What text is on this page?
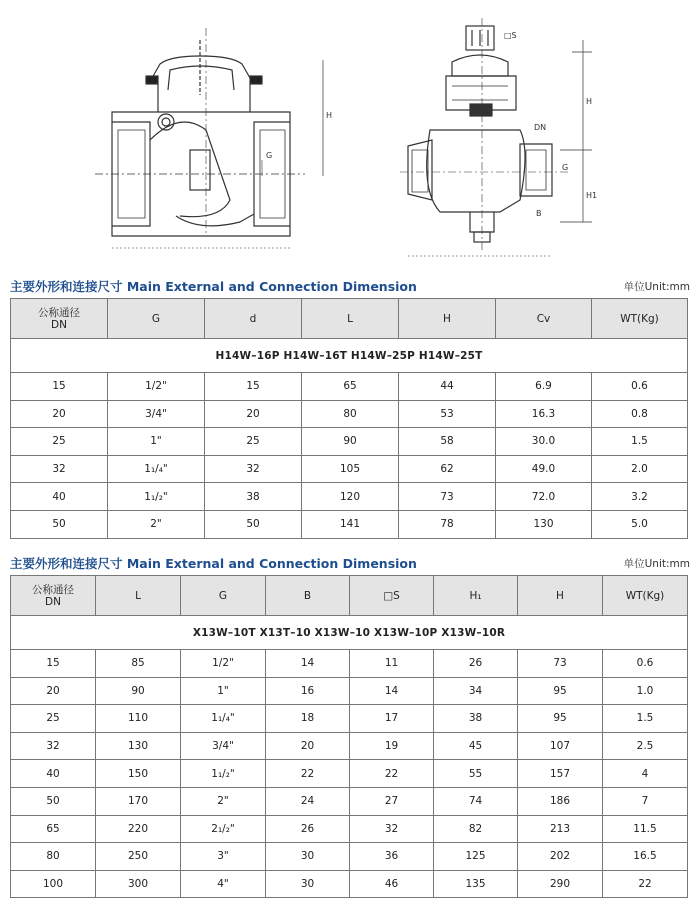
H
G
□S
H
DN
G
H1
B
主要外形和连接尺寸 Main External and Connection Dimension	单位Unit:mm
公称通径
DN	G	d	L	H	Cv	WT(Kg)
H14W–16P H14W–16T H14W–25P H14W–25T						
15	1/2"	15	65	44	6.9	0.6
20	3/4"	20	80	53	16.3	0.8
25	1"	25	90	58	30.0	1.5
32	1₁/₄"	32	105	62	49.0	2.0
40	1₁/₂"	38	120	73	72.0	3.2
50	2"	50	141	78	130	5.0
主要外形和连接尺寸 Main External and Connection Dimension	单位Unit:mm
公称通径
DN	L	G	B	□S	H₁	H	WT(Kg)
X13W–10T X13T–10 X13W–10 X13W–10P X13W–10R							
15	85	1/2"	14	11	26	73	0.6
20	90	1"	16	14	34	95	1.0
25	110	1₁/₄"	18	17	38	95	1.5
32	130	3/4"	20	19	45	107	2.5
40	150	1₁/₂"	22	22	55	157	4
50	170	2"	24	27	74	186	7
65	220	2₁/₂"	26	32	82	213	11.5
80	250	3"	30	36	125	202	16.5
100	300	4"	30	46	135	290	22
